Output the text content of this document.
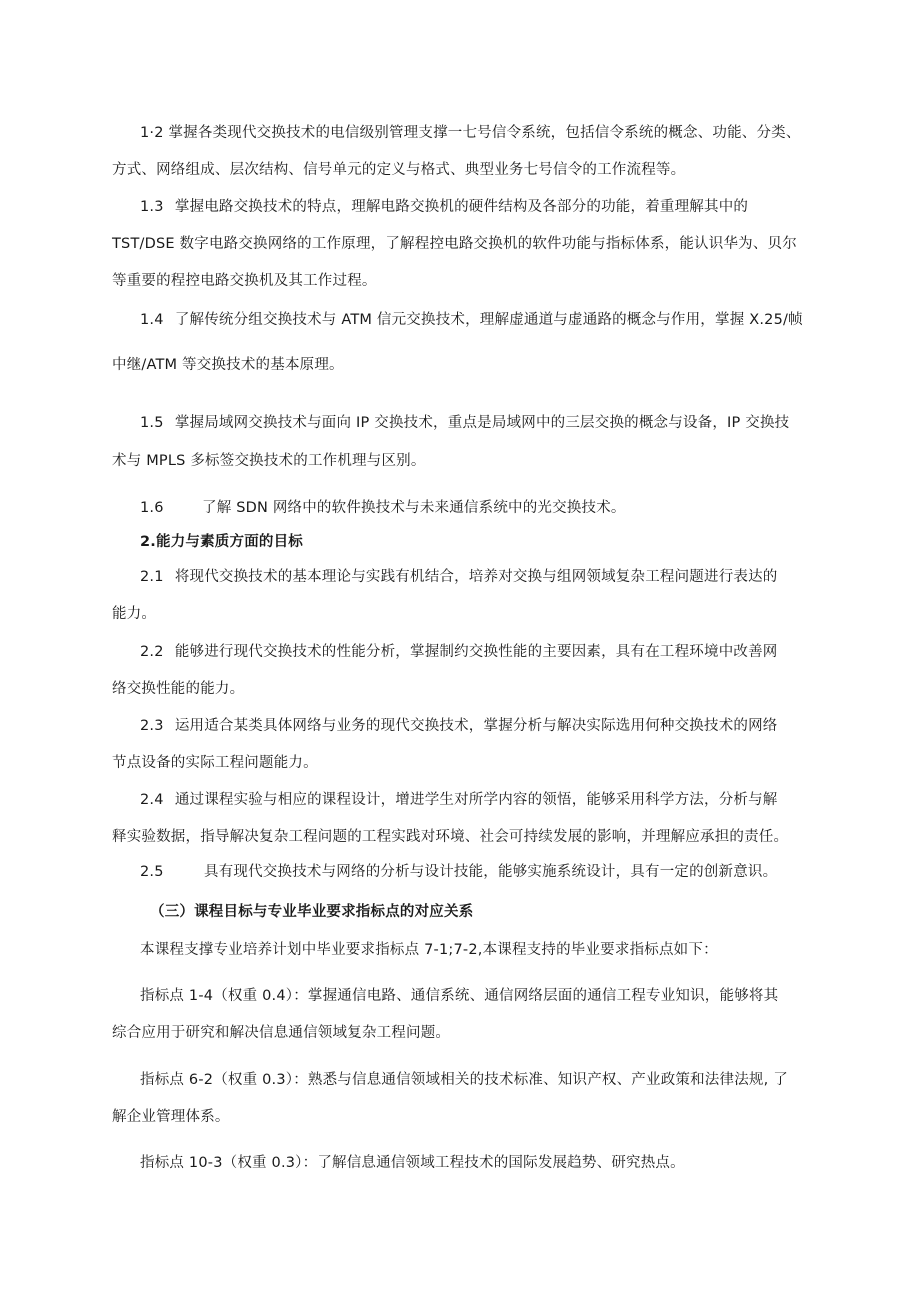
1·2 掌握各类现代交换技术的电信级别管理支撑一七号信令系统，包括信令系统的概念、功能、分类、

方式、网络组成、层次结构、信号单元的定义与格式、典型业务七号信令的工作流程等。

1.3 掌握电路交换技术的特点，理解电路交换机的硬件结构及各部分的功能，着重理解其中的

TST/DSE 数字电路交换网络的工作原理，了解程控电路交换机的软件功能与指标体系，能认识华为、贝尔

等重要的程控电路交换机及其工作过程。

1.4 了解传统分组交换技术与 ATM 信元交换技术，理解虚通道与虚通路的概念与作用，掌握 X.25/帧

中继/ATM 等交换技术的基本原理。

1.5 掌握局域网交换技术与面向 IP 交换技术，重点是局域网中的三层交换的概念与设备，IP 交换技

术与 MPLS 多标签交换技术的工作机理与区别。

1.6	了解 SDN 网络中的软件换技术与未来通信系统中的光交换技术。

2.能力与素质方面的目标

2.1 将现代交换技术的基本理论与实践有机结合，培养对交换与组网领域复杂工程问题进行表达的

能力。

2.2 能够进行现代交换技术的性能分析，掌握制约交换性能的主要因素，具有在工程环境中改善网

络交换性能的能力。

2.3 运用适合某类具体网络与业务的现代交换技术，掌握分析与解决实际选用何种交换技术的网络

节点设备的实际工程问题能力。

2.4 通过课程实验与相应的课程设计，增进学生对所学内容的领悟，能够采用科学方法，分析与解

释实验数据，指导解决复杂工程问题的工程实践对环境、社会可持续发展的影响，并理解应承担的责任。

2.5	具有现代交换技术与网络的分析与设计技能，能够实施系统设计，具有一定的创新意识。

（三）课程目标与专业毕业要求指标点的对应关系

本课程支撑专业培养计划中毕业要求指标点 7-1;7-2,本课程支持的毕业要求指标点如下：

指标点 1-4（权重 0.4）：掌握通信电路、通信系统、通信网络层面的通信工程专业知识，能够将其

综合应用于研究和解决信息通信领域复杂工程问题。

指标点 6-2（权重 0.3）：熟悉与信息通信领域相关的技术标准、知识产权、产业政策和法律法规, 了

解企业管理体系。

指标点 10-3（权重 0.3）：了解信息通信领域工程技术的国际发展趋势、研究热点。
